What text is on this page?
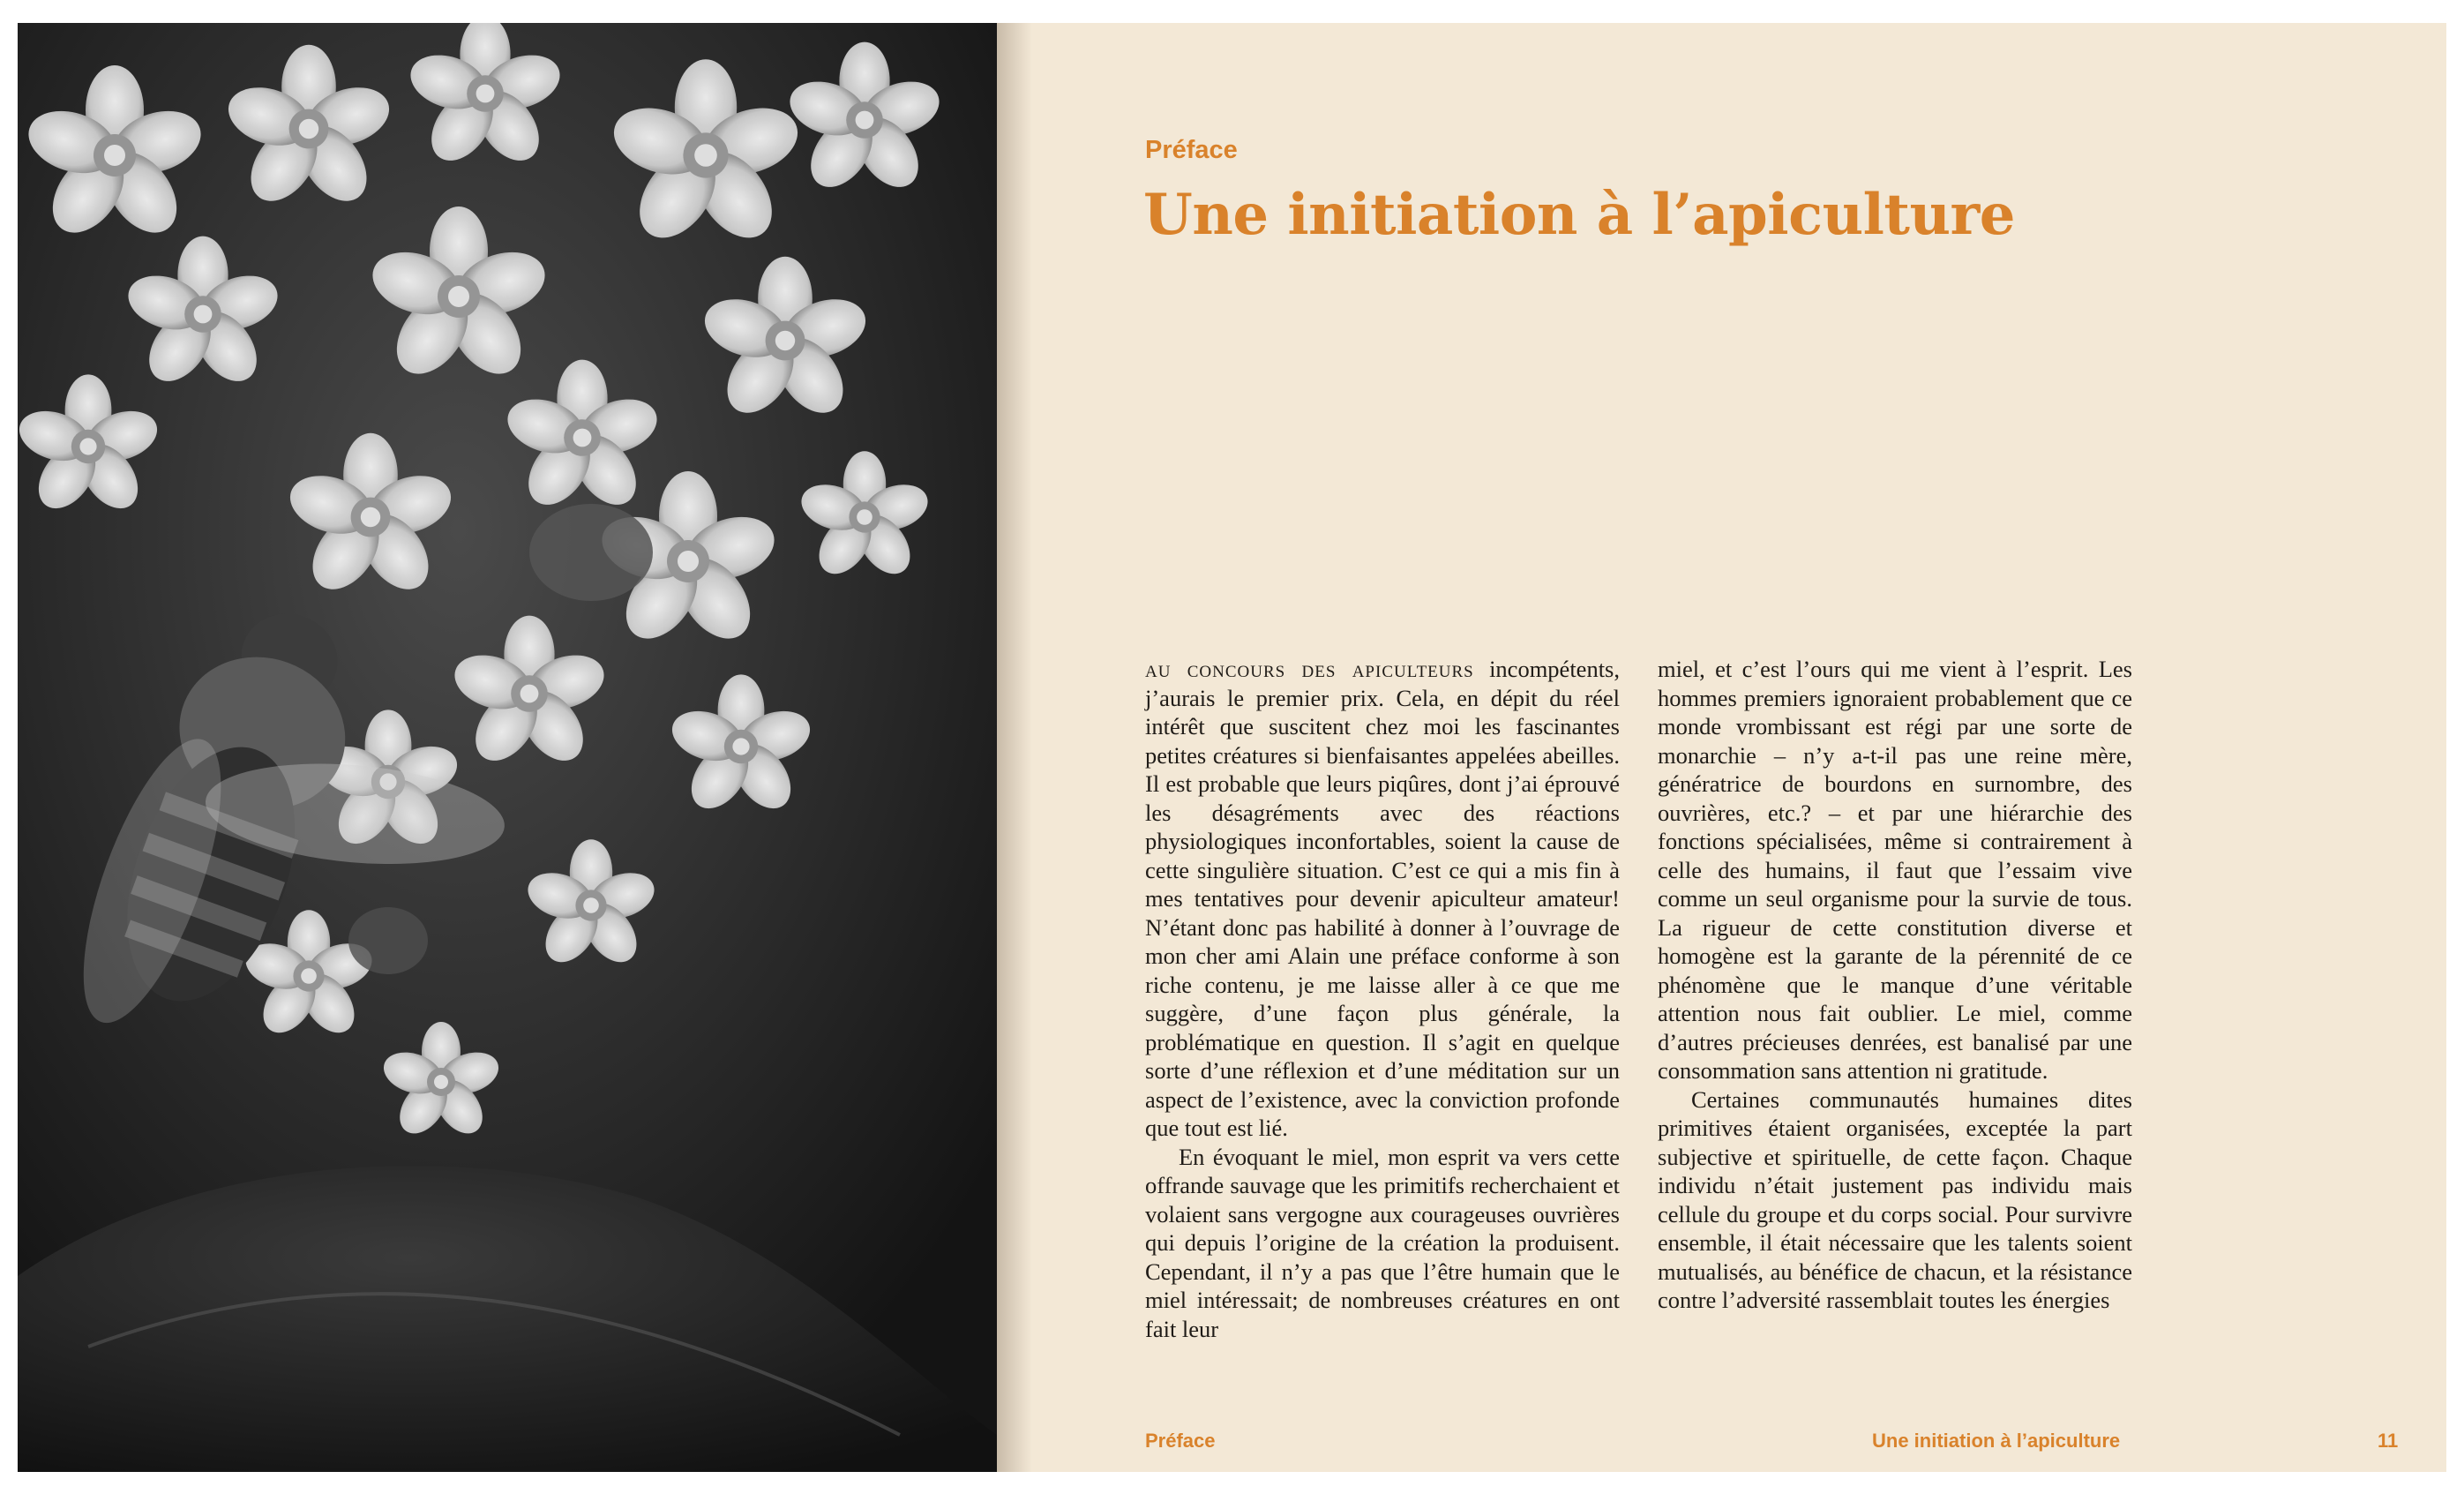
Préface
Une initiation à l’apiculture

au concours des apiculteurs incompétents, j’aurais le premier prix. Cela, en dépit du réel intérêt que suscitent chez moi les fascinantes petites créatures si bienfaisantes appelées abeilles. Il est probable que leurs piqûres, dont j’ai éprouvé les désagréments avec des réactions physiologiques inconfortables, soient la cause de cette singulière situation. C’est ce qui a mis fin à mes tentatives pour devenir apiculteur amateur! N’étant donc pas habilité à donner à l’ouvrage de mon cher ami Alain une préface conforme à son riche contenu, je me laisse aller à ce que me suggère, d’une façon plus générale, la problématique en question. Il s’agit en quelque sorte d’une réflexion et d’une méditation sur un aspect de l’existence, avec la conviction profonde que tout est lié.

En évoquant le miel, mon esprit va vers cette offrande sauvage que les primitifs recherchaient et volaient sans vergogne aux courageuses ouvrières qui depuis l’origine de la création la produisent. Cependant, il n’y a pas que l’être humain que le miel intéressait; de nombreuses créatures en ont fait leur

miel, et c’est l’ours qui me vient à l’esprit. Les hommes premiers ignoraient probablement que ce monde vrombissant est régi par une sorte de monarchie – n’y a-t-il pas une reine mère, génératrice de bourdons en surnombre, des ouvrières, etc.? – et par une hiérarchie des fonctions spécialisées, même si contrairement à celle des humains, il faut que l’essaim vive comme un seul organisme pour la survie de tous. La rigueur de cette constitution diverse et homogène est la garante de la pérennité de ce phénomène que le manque d’une véritable attention nous fait oublier. Le miel, comme d’autres précieuses denrées, est banalisé par une consommation sans attention ni gratitude.

Certaines communautés humaines dites primitives étaient organisées, exceptée la part subjective et spirituelle, de cette façon. Chaque individu n’était justement pas individu mais cellule du groupe et du corps social. Pour survivre ensemble, il était nécessaire que les talents soient mutualisés, au bénéfice de chacun, et la résistance contre l’adversité rassemblait toutes les énergies

Préface	Une initiation à l’apiculture	11
